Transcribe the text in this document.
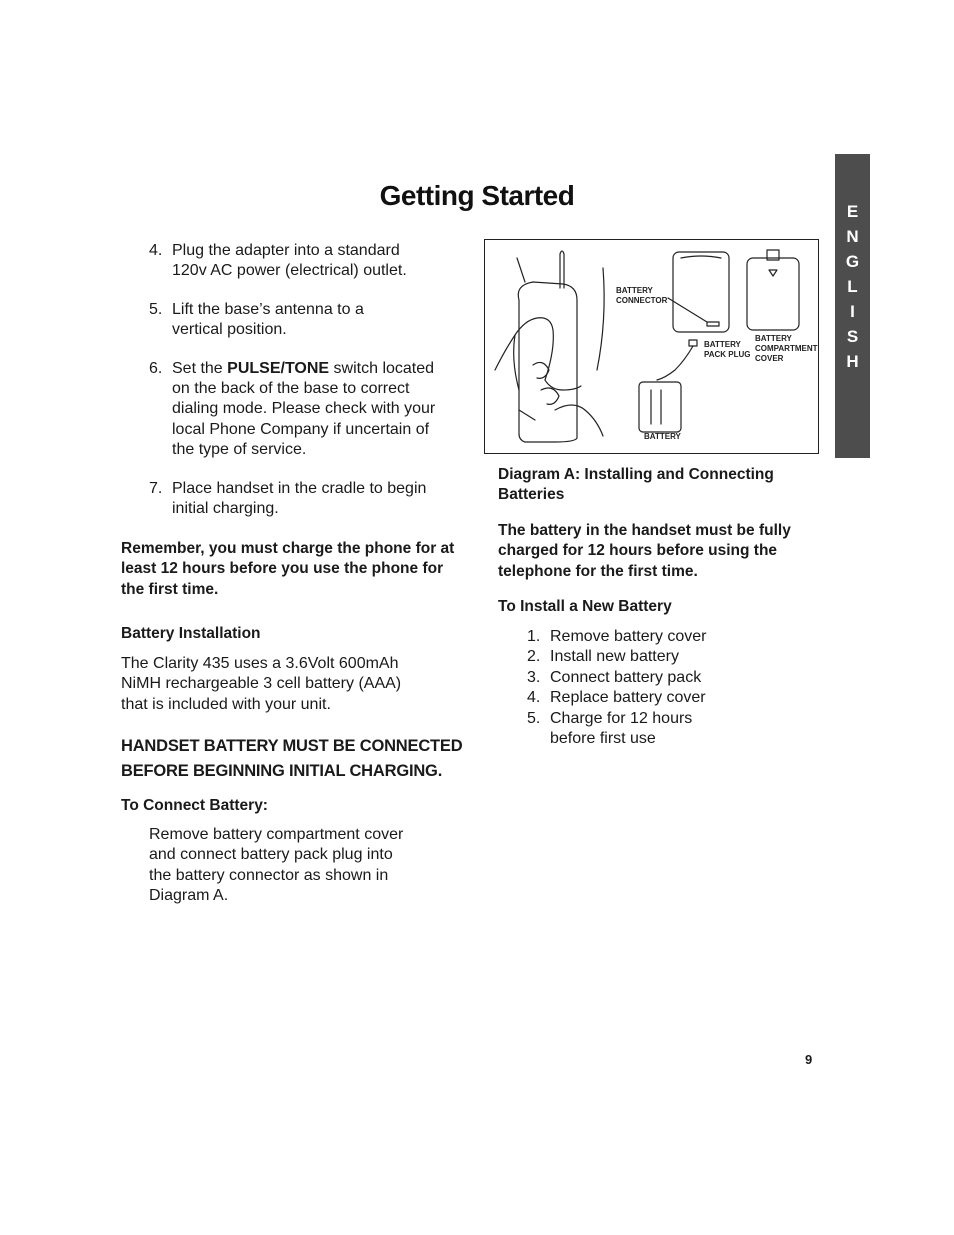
Getting Started
E
N
G
L
I
S
H
4. Plug the adapter into a standard
120v AC power (electrical) outlet.
5. Lift the base’s antenna to a
vertical position.
6. Set the PULSE/TONE switch located
on the back of the base to correct
dialing mode. Please check with your
local Phone Company if uncertain of
the type of service.
7. Place handset in the cradle to begin
initial charging.
Remember, you must charge the phone for at least 12 hours before you use the phone for the first time.
Battery Installation
The Clarity 435 uses a 3.6Volt 600mAh NiMH rechargeable 3 cell battery (AAA) that is included with your unit.
HANDSET BATTERY MUST BE CONNECTED BEFORE BEGINNING INITIAL CHARGING.
To Connect Battery:
Remove battery compartment cover and connect battery pack plug into the battery connector as shown in Diagram A.
BATTERY
CONNECTOR
BATTERY
PACK PLUG
BATTERY
COMPARTMENT
COVER
BATTERY
Diagram A: Installing and Connecting Batteries
The battery in the handset must be fully charged for 12 hours before using the telephone for the first time.
To Install a New Battery
1. Remove battery cover
2. Install new battery
3. Connect battery pack
4. Replace battery cover
5. Charge for 12 hours
before first use
9
